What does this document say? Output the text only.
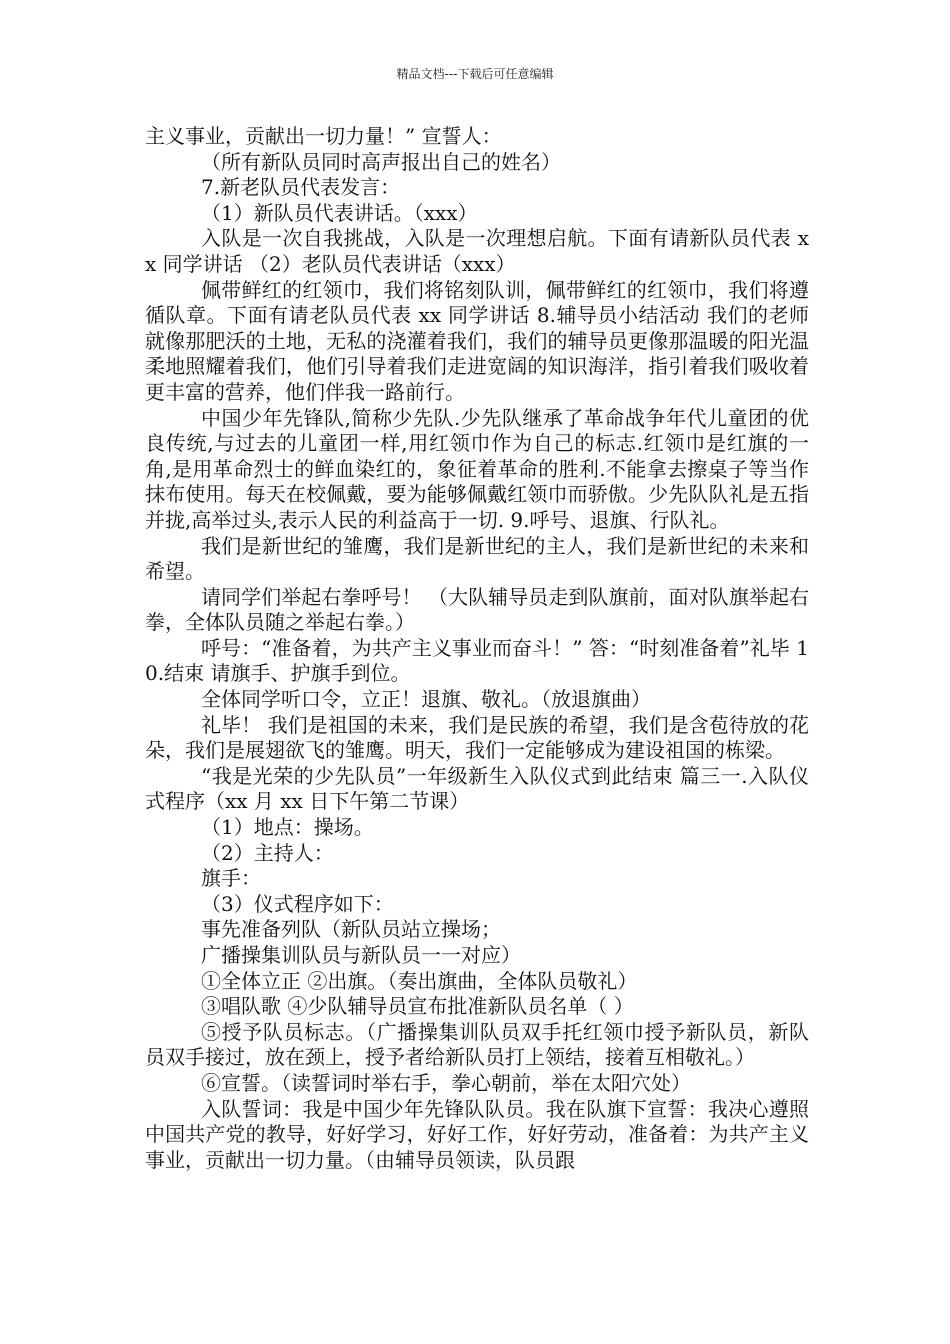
精品文档---下载后可任意编辑

主义事业，贡献出一切力量！” 宣誓人：

（所有新队员同时高声报出自己的姓名）

7.新老队员代表发言：

（1）新队员代表讲话。（xxx）

入队是一次自我挑战，入队是一次理想启航。下面有请新队员代表 xx 同学讲话 （2）老队员代表讲话（xxx）

佩带鲜红的红领巾，我们将铭刻队训，佩带鲜红的红领巾，我们将遵循队章。下面有请老队员代表 xx 同学讲话 8.辅导员小结活动 我们的老师就像那肥沃的土地，无私的浇灌着我们，我们的辅导员更像那温暖的阳光温柔地照耀着我们，他们引导着我们走进宽阔的知识海洋，指引着我们吸收着更丰富的营养，他们伴我一路前行。

中国少年先锋队,简称少先队.少先队继承了革命战争年代儿童团的优良传统,与过去的儿童团一样,用红领巾作为自己的标志.红领巾是红旗的一角,是用革命烈士的鲜血染红的，象征着革命的胜利.不能拿去擦桌子等当作抹布使用。每天在校佩戴，要为能够佩戴红领巾而骄傲。少先队队礼是五指并拢,高举过头,表示人民的利益高于一切. 9.呼号、退旗、行队礼。

我们是新世纪的雏鹰，我们是新世纪的主人，我们是新世纪的未来和希望。

请同学们举起右拳呼号！ （大队辅导员走到队旗前，面对队旗举起右拳，全体队员随之举起右拳。）

呼号：“准备着，为共产主义事业而奋斗！” 答：“时刻准备着”礼毕 10.结束 请旗手、护旗手到位。

全体同学听口令，立正！退旗、敬礼。（放退旗曲）

礼毕！ 我们是祖国的未来，我们是民族的希望，我们是含苞待放的花朵，我们是展翅欲飞的雏鹰。明天，我们一定能够成为建设祖国的栋梁。

“我是光荣的少先队员”一年级新生入队仪式到此结束 篇三一.入队仪式程序（xx 月 xx 日下午第二节课）

（1）地点：操场。

（2）主持人：

旗手：

（3）仪式程序如下：

事先准备列队（新队员站立操场；

广播操集训队员与新队员一一对应）

①全体立正 ②出旗。（奏出旗曲，全体队员敬礼）

③唱队歌 ④少队辅导员宣布批准新队员名单（ ）

⑤授予队员标志。（广播操集训队员双手托红领巾授予新队员，新队员双手接过，放在颈上，授予者给新队员打上领结，接着互相敬礼。）

⑥宣誓。（读誓词时举右手，拳心朝前，举在太阳穴处）

入队誓词：我是中国少年先锋队队员。我在队旗下宣誓：我决心遵照中国共产党的教导，好好学习，好好工作，好好劳动，准备着：为共产主义事业，贡献出一切力量。（由辅导员领读，队员跟
